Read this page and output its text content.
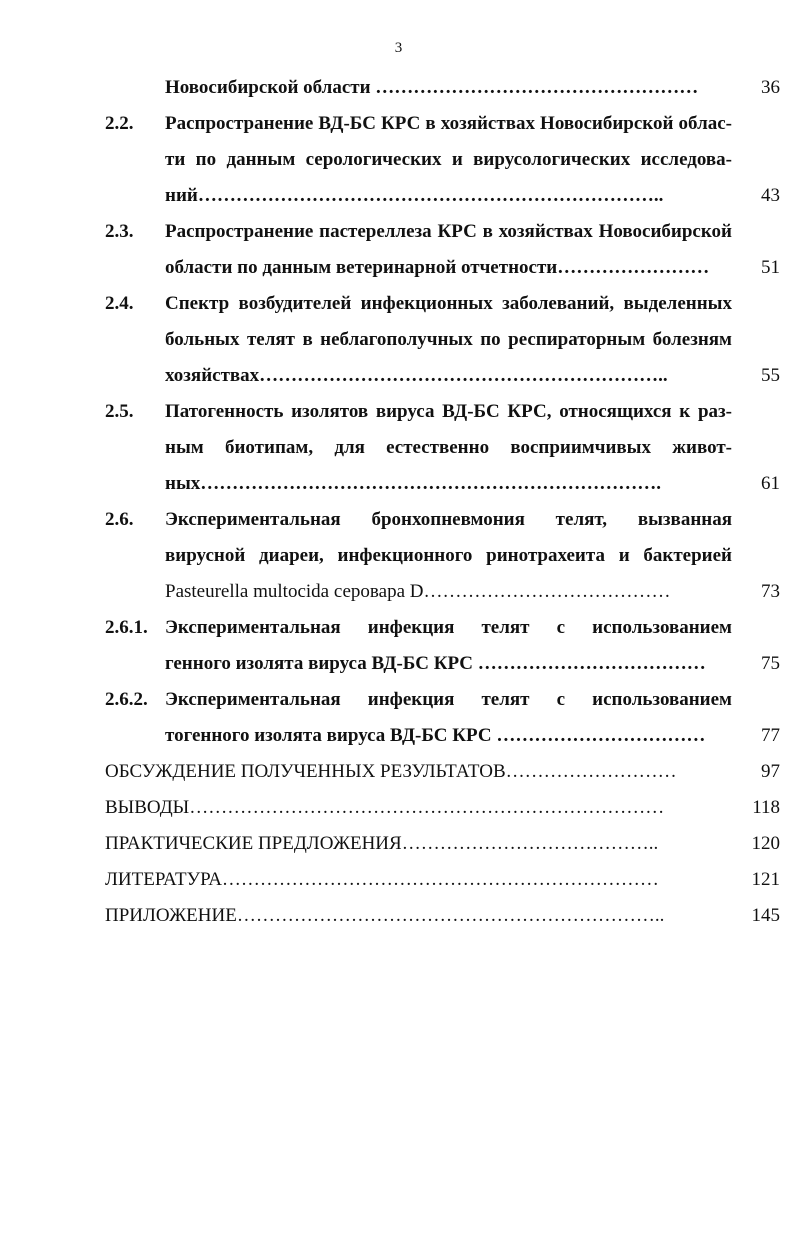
3
Новосибирской области ……………………………………………	36
2.2. Распространение ВД-БС КРС в хозяйствах Новосибирской облас-
ти по данным серологических и вирусологических исследова-
ний………………………………………………………………..	43
2.3. Распространение пастереллеза КРС в хозяйствах Новосибирской
области по данным ветеринарной отчетности……………………	51
2.4. Спектр возбудителей инфекционных заболеваний, выделенных
больных телят в неблагополучных по респираторным болезням
хозяйствах………………………………………………………..	55
2.5. Патогенность изолятов вируса ВД-БС КРС, относящихся к раз-
ным биотипам, для естественно восприимчивых живот-
ных……………………………………………………………….	61
2.6. Экспериментальная бронхопневмония телят, вызванная
вирусной диареи, инфекционного ринотрахеита и бактерией
Pasteurella multocida серовара D…………………………………	73
2.6.1. Экспериментальная инфекция телят с использованием
генного изолята вируса ВД-БС КРС ………………………………	75
2.6.2. Экспериментальная инфекция телят с использованием
тогенного изолята вируса ВД-БС КРС ……………………………	77
ОБСУЖДЕНИЕ ПОЛУЧЕННЫХ РЕЗУЛЬТАТОВ………………………	97
ВЫВОДЫ…………………………………………………………………	118
ПРАКТИЧЕСКИЕ ПРЕДЛОЖЕНИЯ…………………………………..	120
ЛИТЕРАТУРА……………………………………………………………	121
ПРИЛОЖЕНИЕ…………………………………………………………..	145
